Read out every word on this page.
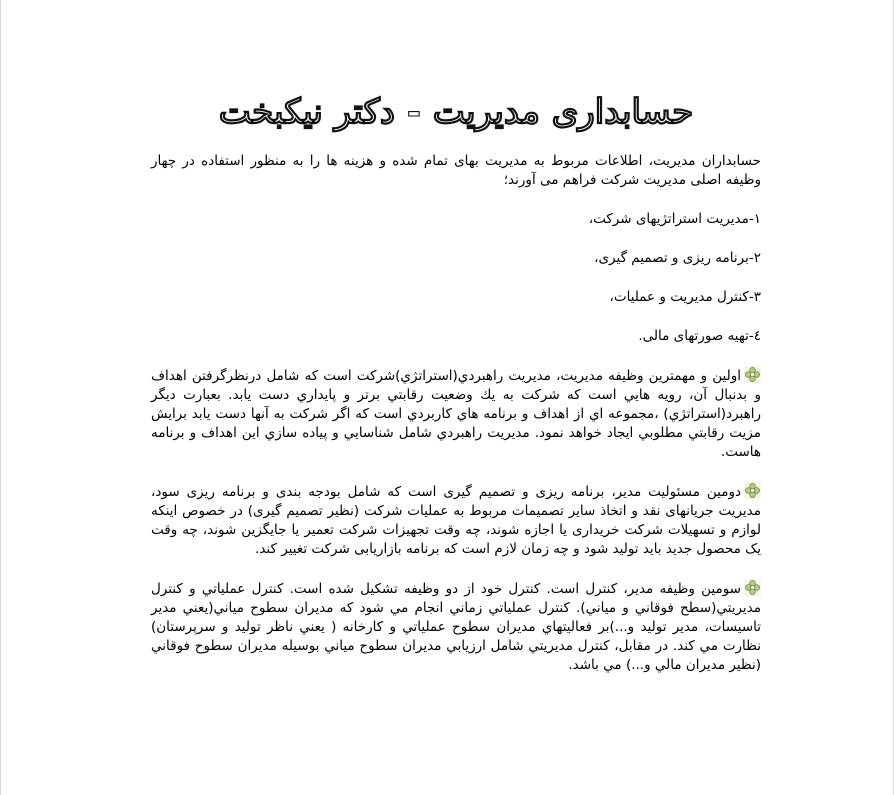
حسابداری مدیریت - دکتر نیکبخت

حسابداران مدیریت، اطلاعات مربوط به مدیریت بهای تمام شده و هزینه ها را به منظور استفاده در چهار وظیفه اصلی مدیریت شرکت فراهم می آورند؛

۱-مدیریت استراتژیهای شرکت،

۲-برنامه ریزی و تصمیم گیری،

۳-کنترل مدیریت و عملیات،

٤-تهیه صورتهای مالی.

اولین و مهمترین وظيفه مدیریت، مدیریت راهبردي(استراتژي)شرکت است که شامل درنظرگرفتن اهداف و بدنبال آن، رویه هایي است که شرکت به يك وضعيت رقابتي برتر و پایداري دست یابد. بعبارت دیگر راهبرد(استراتژي) ،مجموعه اي از اهداف و برنامه هاي کاربردي است که اگر شرکت به آنها دست یابد برایش مزیت رقابتي مطلوبي ایجاد خواهد نمود. مدیریت راهبردي شامل شناسايي و پياده سازي این اهداف و برنامه هاست.

دومین مسئولیت مدیر، برنامه ریزی و تصمیم گیری است که شامل بودجه بندی و برنامه ریزی سود، مدیریت جریانهای نقد و اتخاذ سایر تصمیمات مربوط به عملیات شرکت (نظیر تصمیم گیری) در خصوص اینکه لوازم و تسهیلات شرکت خریداری یا اجازه شوند، چه وقت تجهیزات شرکت تعمیر یا جایگزین شوند، چه وقت یک محصول جدید باید تولید شود و چه زمان لازم است که برنامه بازاریابی شرکت تغییر کند.

سومین وظیفه مدیر، کنترل است. کنترل خود از دو وظیفه تشکیل شده است. کنترل عملياتي و کنترل مدیریتي(سطح فوقاني و مياني). کنترل عملياتي زماني انجام مي شود که مدیران سطوح مياني(يعني مدير تاسيسات، مدير توليد و...)بر فعاليتهاي مدیران سطوح عملياتي و کارخانه ( يعني ناظر توليد و سرپرستان) نظارت مي کند. در مقابل، کنترل مدیریتي شامل ارزيابي مدیران سطوح مياني بوسيله مدیران سطوح فوقاني (نظير مديران مالي و...) مي باشد.
